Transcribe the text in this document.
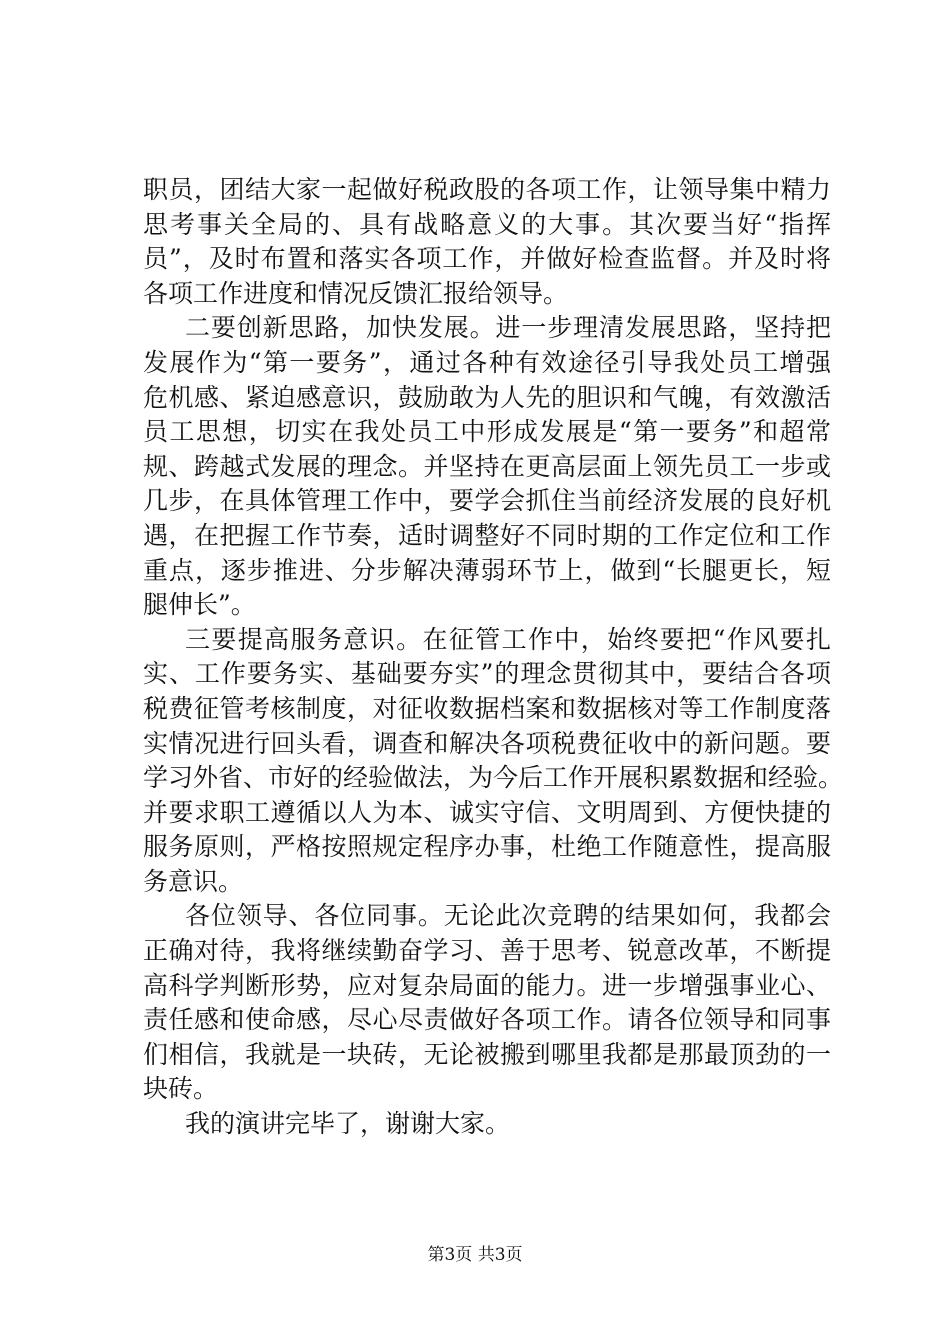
职员，团结大家一起做好税政股的各项工作，让领导集中精力
思考事关全局的、具有战略意义的大事。其次要当好“指挥
员”，及时布置和落实各项工作，并做好检查监督。并及时将
各项工作进度和情况反馈汇报给领导。
二要创新思路，加快发展。进一步理清发展思路，坚持把
发展作为“第一要务”，通过各种有效途径引导我处员工增强
危机感、紧迫感意识，鼓励敢为人先的胆识和气魄，有效激活
员工思想，切实在我处员工中形成发展是“第一要务”和超常
规、跨越式发展的理念。并坚持在更高层面上领先员工一步或
几步，在具体管理工作中，要学会抓住当前经济发展的良好机
遇，在把握工作节奏，适时调整好不同时期的工作定位和工作
重点，逐步推进、分步解决薄弱环节上，做到“长腿更长，短
腿伸长”。
三要提高服务意识。在征管工作中，始终要把“作风要扎
实、工作要务实、基础要夯实”的理念贯彻其中，要结合各项
税费征管考核制度，对征收数据档案和数据核对等工作制度落
实情况进行回头看，调查和解决各项税费征收中的新问题。要
学习外省、市好的经验做法，为今后工作开展积累数据和经验。
并要求职工遵循以人为本、诚实守信、文明周到、方便快捷的
服务原则，严格按照规定程序办事，杜绝工作随意性，提高服
务意识。
各位领导、各位同事。无论此次竞聘的结果如何，我都会
正确对待，我将继续勤奋学习、善于思考、锐意改革，不断提
高科学判断形势，应对复杂局面的能力。进一步增强事业心、
责任感和使命感，尽心尽责做好各项工作。请各位领导和同事
们相信，我就是一块砖，无论被搬到哪里我都是那最顶劲的一
块砖。
我的演讲完毕了，谢谢大家。
第3页 共3页
